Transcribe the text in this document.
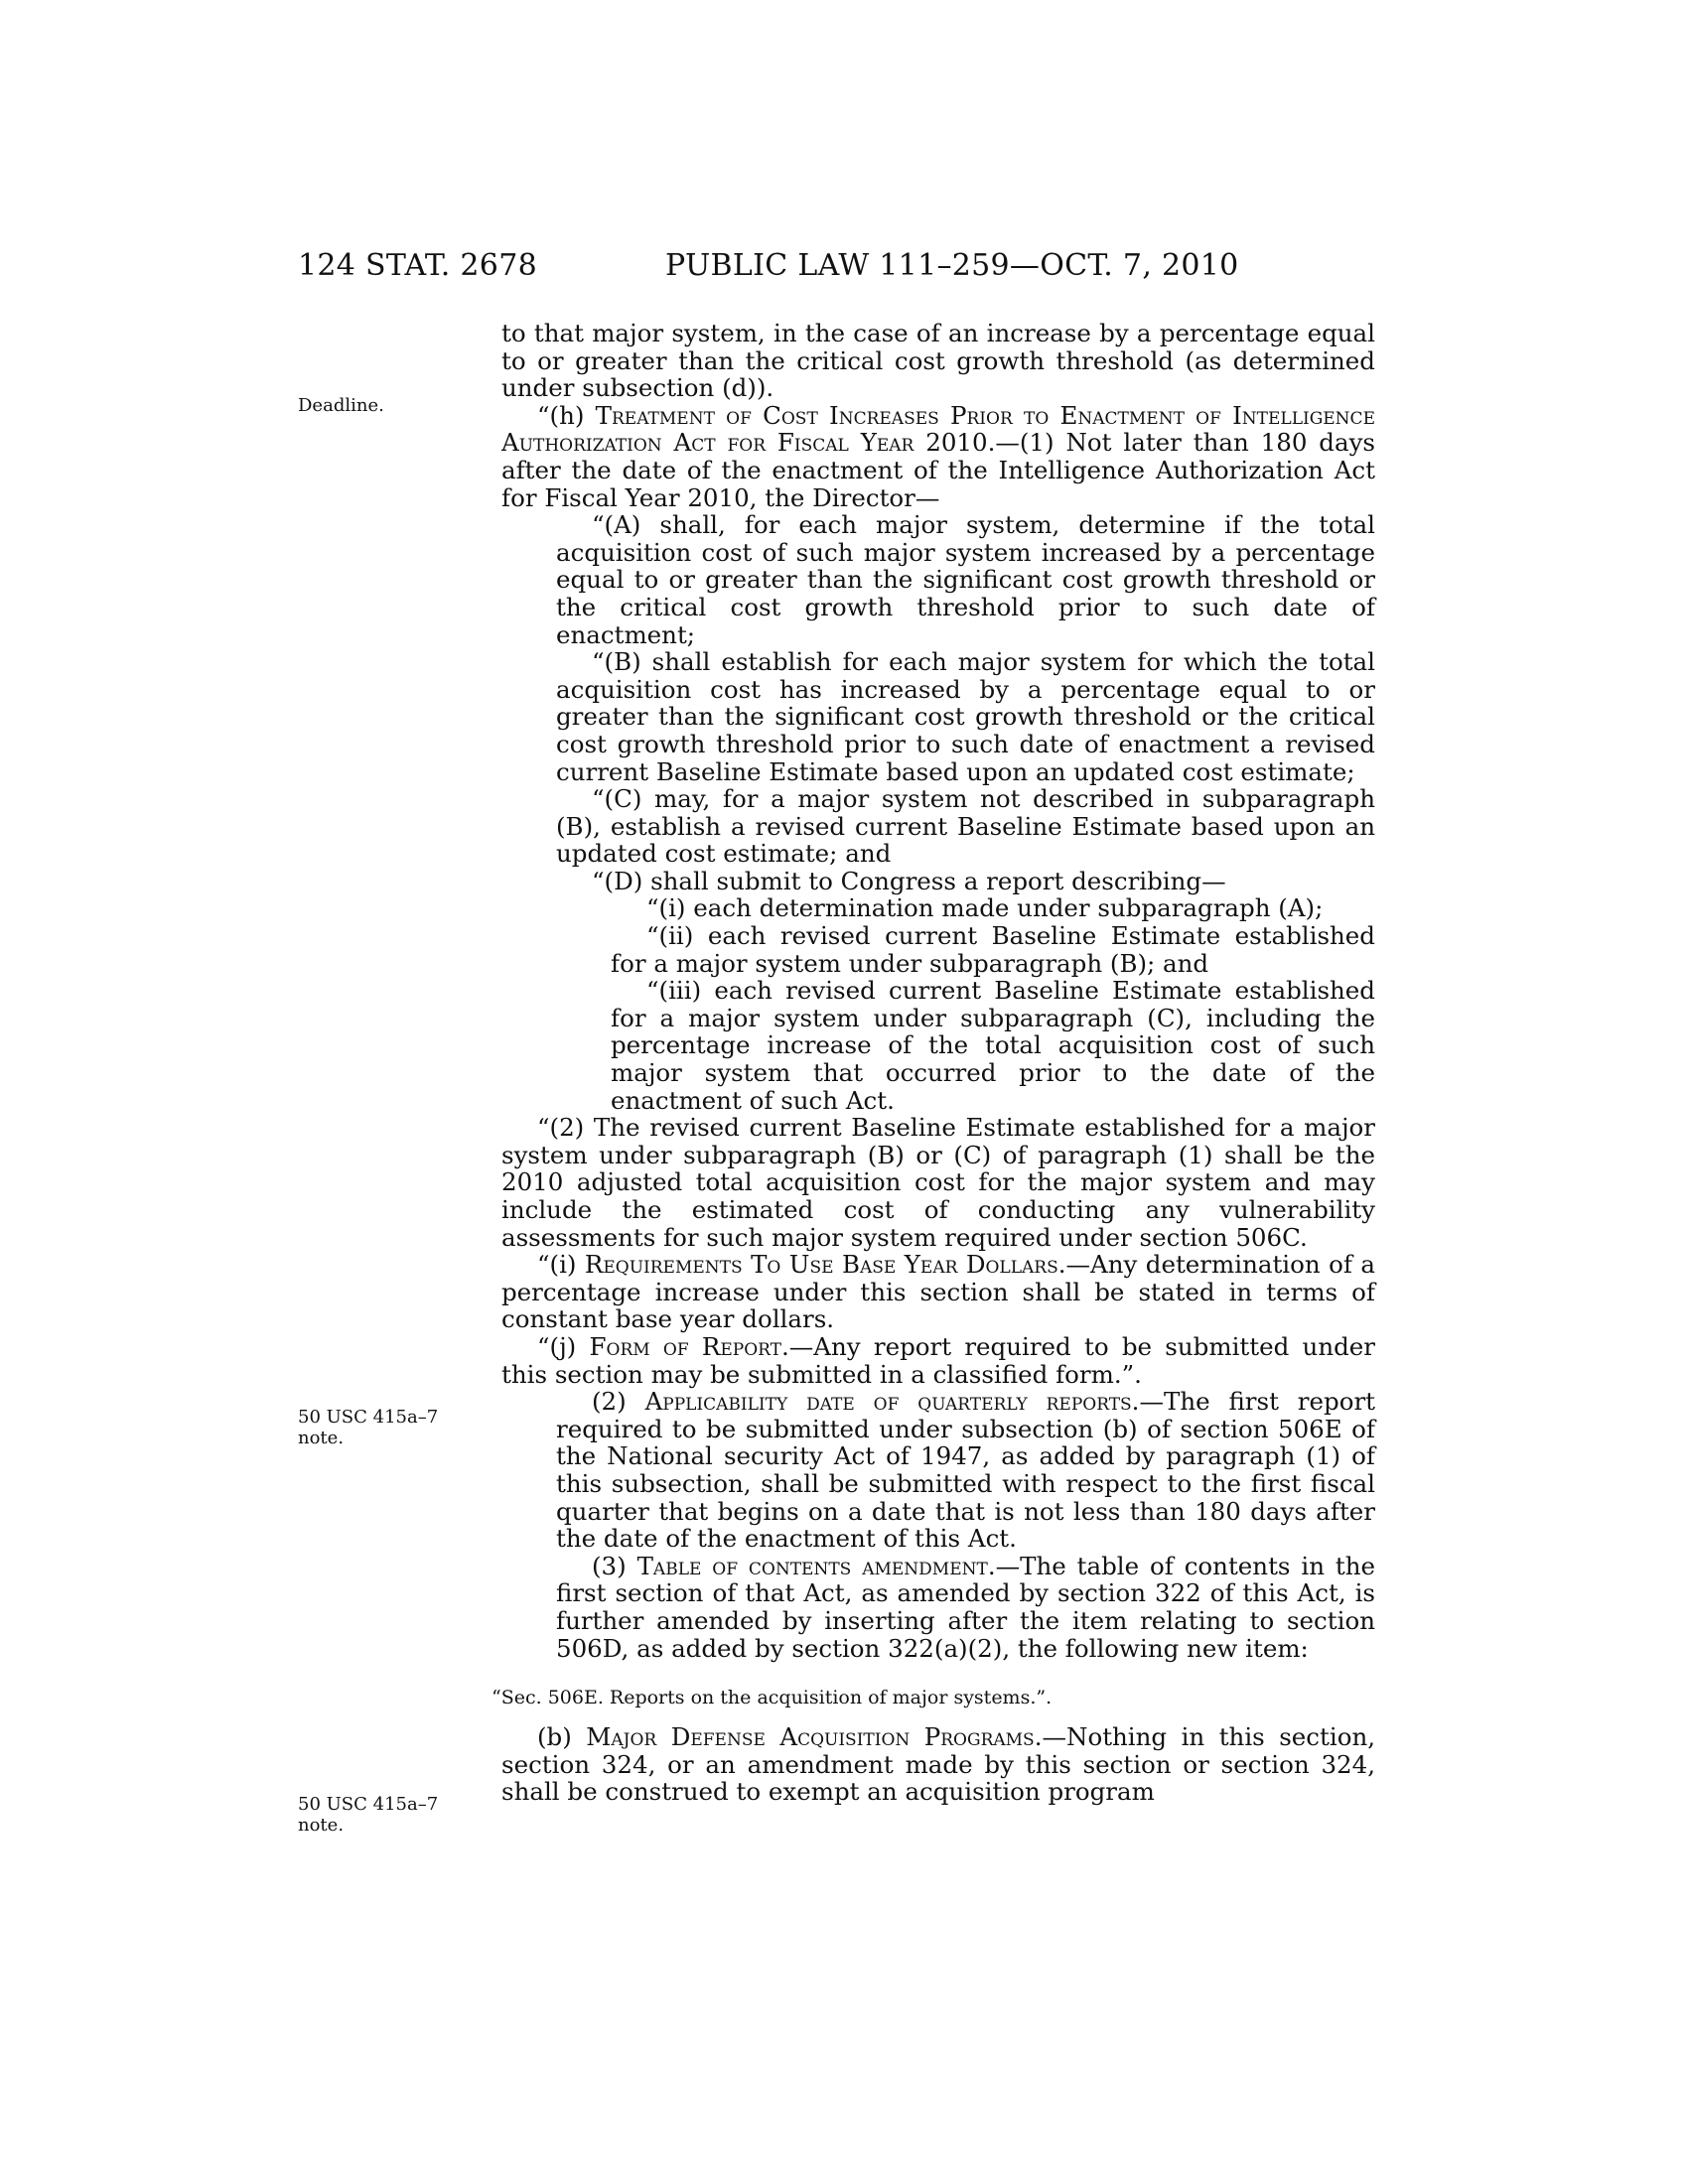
124 STAT. 2678	PUBLIC LAW 111–259—OCT. 7, 2010
Deadline.
50 USC 415a–7 note.
50 USC 415a–7 note.

to that major system, in the case of an increase by a percentage equal to or greater than the critical cost growth threshold (as determined under subsection (d)).

“(h) Treatment of Cost Increases Prior to Enactment of Intelligence Authorization Act for Fiscal Year 2010.—(1) Not later than 180 days after the date of the enactment of the Intelligence Authorization Act for Fiscal Year 2010, the Director—

“(A) shall, for each major system, determine if the total acquisition cost of such major system increased by a percentage equal to or greater than the significant cost growth threshold or the critical cost growth threshold prior to such date of enactment;

“(B) shall establish for each major system for which the total acquisition cost has increased by a percentage equal to or greater than the significant cost growth threshold or the critical cost growth threshold prior to such date of enactment a revised current Baseline Estimate based upon an updated cost estimate;

“(C) may, for a major system not described in subparagraph (B), establish a revised current Baseline Estimate based upon an updated cost estimate; and

“(D) shall submit to Congress a report describing—

“(i) each determination made under subparagraph (A);

“(ii) each revised current Baseline Estimate established for a major system under subparagraph (B); and

“(iii) each revised current Baseline Estimate established for a major system under subparagraph (C), including the percentage increase of the total acquisition cost of such major system that occurred prior to the date of the enactment of such Act.

“(2) The revised current Baseline Estimate established for a major system under subparagraph (B) or (C) of paragraph (1) shall be the 2010 adjusted total acquisition cost for the major system and may include the estimated cost of conducting any vulnerability assessments for such major system required under section 506C.

“(i) Requirements To Use Base Year Dollars.—Any determination of a percentage increase under this section shall be stated in terms of constant base year dollars.

“(j) Form of Report.—Any report required to be submitted under this section may be submitted in a classified form.”.

(2) Applicability date of quarterly reports.—The first report required to be submitted under subsection (b) of section 506E of the National security Act of 1947, as added by paragraph (1) of this subsection, shall be submitted with respect to the first fiscal quarter that begins on a date that is not less than 180 days after the date of the enactment of this Act.

(3) Table of contents amendment.—The table of contents in the first section of that Act, as amended by section 322 of this Act, is further amended by inserting after the item relating to section 506D, as added by section 322(a)(2), the following new item:

“Sec. 506E. Reports on the acquisition of major systems.”.

(b) Major Defense Acquisition Programs.—Nothing in this section, section 324, or an amendment made by this section or section 324, shall be construed to exempt an acquisition program
